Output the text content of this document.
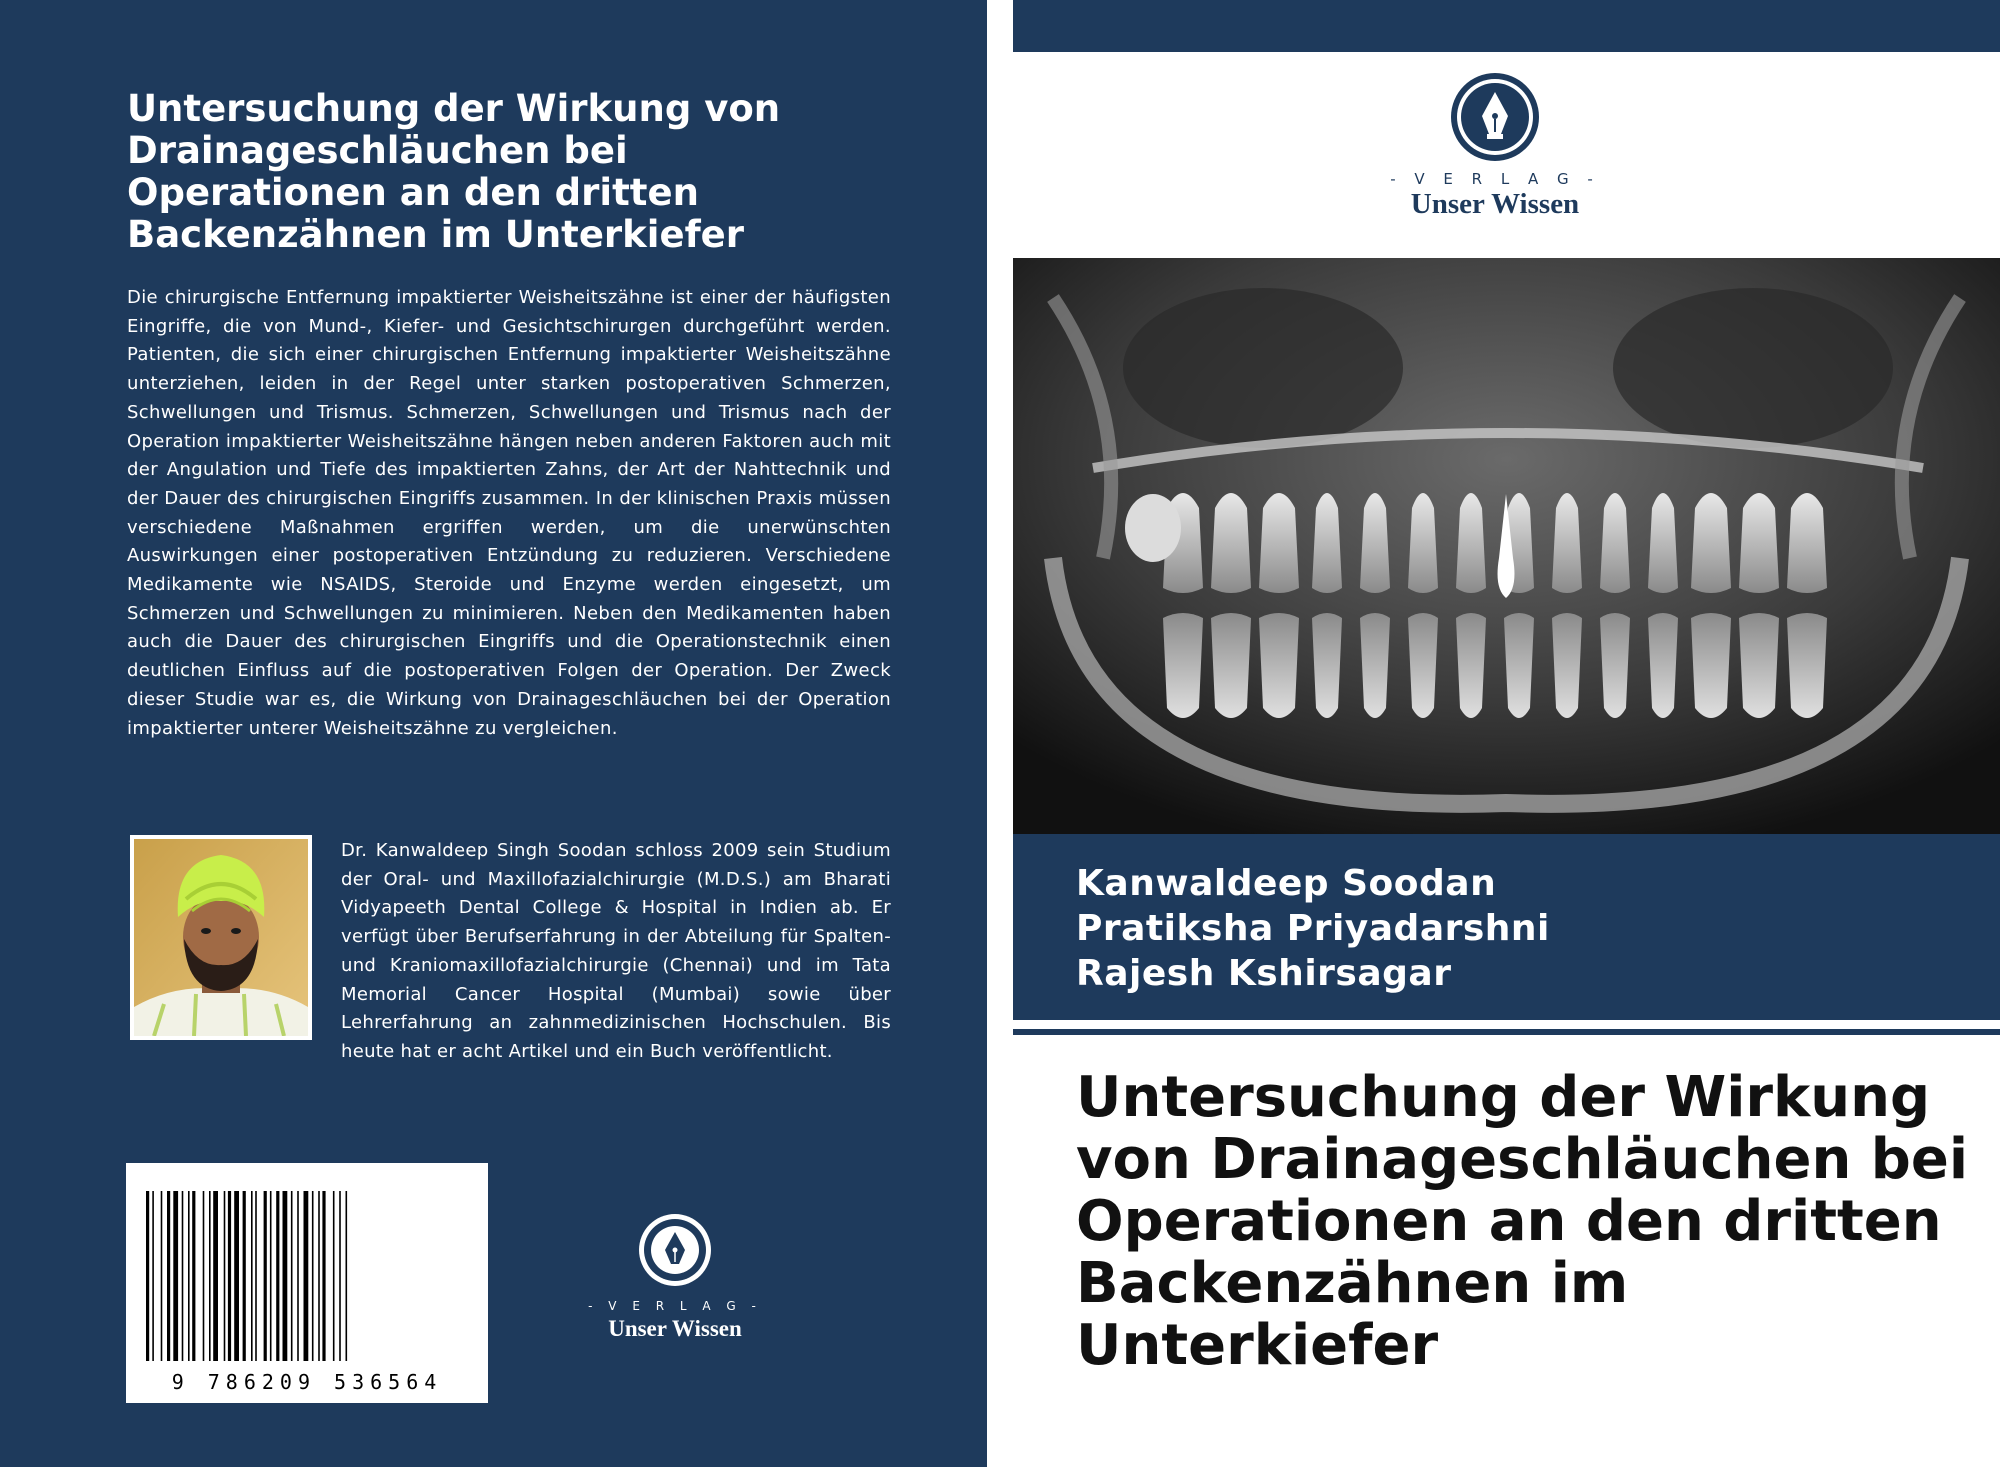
Untersuchung der Wirkung von Drainageschläuchen bei Operationen an den dritten Backenzähnen im Unterkiefer

Die chirurgische Entfernung impaktierter Weisheitszähne ist einer der häufigsten Eingriffe, die von Mund-, Kiefer- und Gesichtschirurgen durchgeführt werden. Patienten, die sich einer chirurgischen Entfernung impaktierter Weisheitszähne unterziehen, leiden in der Regel unter starken postoperativen Schmerzen, Schwellungen und Trismus. Schmerzen, Schwellungen und Trismus nach der Operation impaktierter Weisheitszähne hängen neben anderen Faktoren auch mit der Angulation und Tiefe des impaktierten Zahns, der Art der Nahttechnik und der Dauer des chirurgischen Eingriffs zusammen. In der klinischen Praxis müssen verschiedene Maßnahmen ergriffen werden, um die unerwünschten Auswirkungen einer postoperativen Entzündung zu reduzieren. Verschiedene Medikamente wie NSAIDS, Steroide und Enzyme werden eingesetzt, um Schmerzen und Schwellungen zu minimieren. Neben den Medikamenten haben auch die Dauer des chirurgischen Eingriffs und die Operationstechnik einen deutlichen Einfluss auf die postoperativen Folgen der Operation. Der Zweck dieser Studie war es, die Wirkung von Drainageschläuchen bei der Operation impaktierter unterer Weisheitszähne zu vergleichen.

Dr. Kanwaldeep Singh Soodan schloss 2009 sein Studium der Oral- und Maxillofazialchirurgie (M.D.S.) am Bharati Vidyapeeth Dental College & Hospital in Indien ab. Er verfügt über Berufserfahrung in der Abteilung für Spalten- und Kraniomaxillofazialchirurgie (Chennai) und im Tata Memorial Cancer Hospital (Mumbai) sowie über Lehrerfahrung an zahnmedizinischen Hochschulen. Bis heute hat er acht Artikel und ein Buch veröffentlicht.

9 786209 536564
- V E R L A G -
Unser Wissen
- V E R L A G -
Unser Wissen
Kanwaldeep Soodan
Pratiksha Priyadarshni
Rajesh Kshirsagar
Untersuchung der Wirkung von Drainageschläuchen bei Operationen an den dritten Backenzähnen im Unterkiefer
